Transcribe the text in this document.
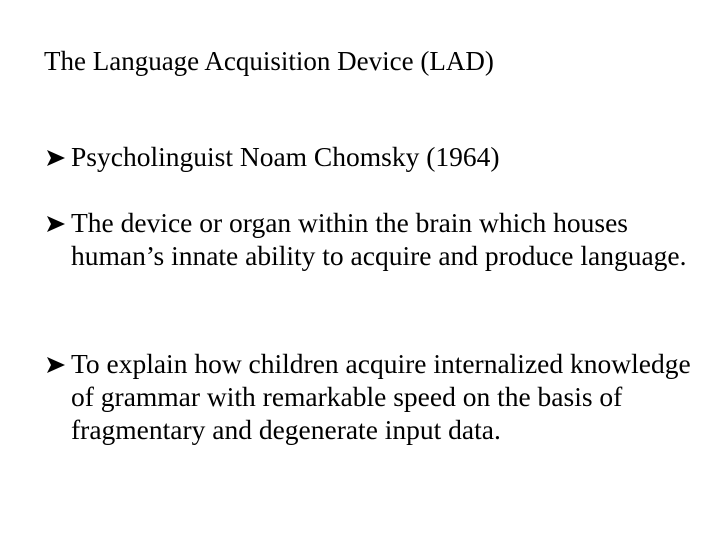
The Language Acquisition Device (LAD)
Psycholinguist Noam Chomsky (1964)
The device or organ within the brain which houses human’s innate ability to acquire and produce language.
To explain how children acquire internalized knowledge of grammar with remarkable speed on the basis of fragmentary and degenerate input data.
